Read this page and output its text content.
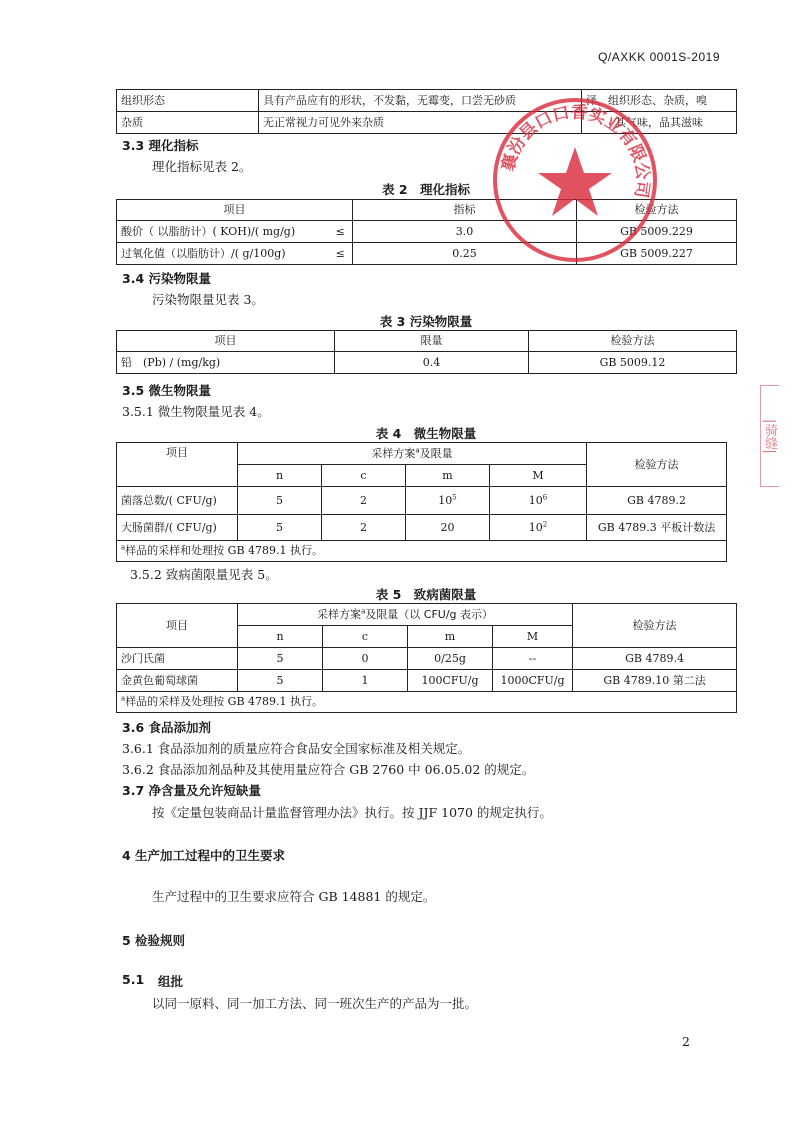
Q/AXKK 0001S-2019
组织形态	具有产品应有的形状，不发黏，无霉变，口尝无砂质	泽、组织形态、杂质，嗅
杂质	无正常视力可见外来杂质	其气味，品其滋味
3.3 理化指标
理化指标见表 2。
表 2　理化指标
项目		指标	检验方法
酸价（ 以脂肪计）( KOH)/( mg/g)	≤	3.0	GB 5009.229
过氧化值（以脂肪计）/( g/100g)	≤	0.25	GB 5009.227
3.4 污染物限量
污染物限量见表 3。
表 3 污染物限量
项目	限量	检验方法
铅　(Pb) / (mg/kg)	0.4	GB 5009.12
3.5 微生物限量
3.5.1 微生物限量见表 4。
表 4　微生物限量
项目	采样方案$^a$及限量				检验方法
	n	c	m	M	
菌落总数/( CFU/g)	5	2	$10^5$	$10^6$	GB 4789.2
大肠菌群/( CFU/g)	5	2	20	$10^2$	GB 4789.3 平板计数法
$^a$样品的采样和处理按 GB 4789.1 执行。					
3.5.2 致病菌限量见表 5。
表 5　致病菌限量
项目	采样方案$^a$及限量（以 CFU/g 表示）				检验方法
	n	c	m	M	
沙门氏菌	5	0	0/25g	--	GB 4789.4
金黄色葡萄球菌	5	1	100CFU/g	1000CFU/g	GB 4789.10 第二法
$^a$样品的采样及处理按 GB 4789.1 执行。					
3.6 食品添加剂
3.6.1 食品添加剂的质量应符合食品安全国家标准及相关规定。
3.6.2 食品添加剂品种及其使用量应符合 GB 2760 中 06.05.02 的规定。
3.7 净含量及允许短缺量
按《定量包装商品计量监督管理办法》执行。按 JJF 1070 的规定执行。
4 生产加工过程中的卫生要求
生产过程中的卫生要求应符合 GB 14881 的规定。
5 检验规则
5.1 组批
以同一原料、同一加工方法、同一班次生产的产品为一批。
襄汾县口口香实业有限公司
|骑缝|
2
